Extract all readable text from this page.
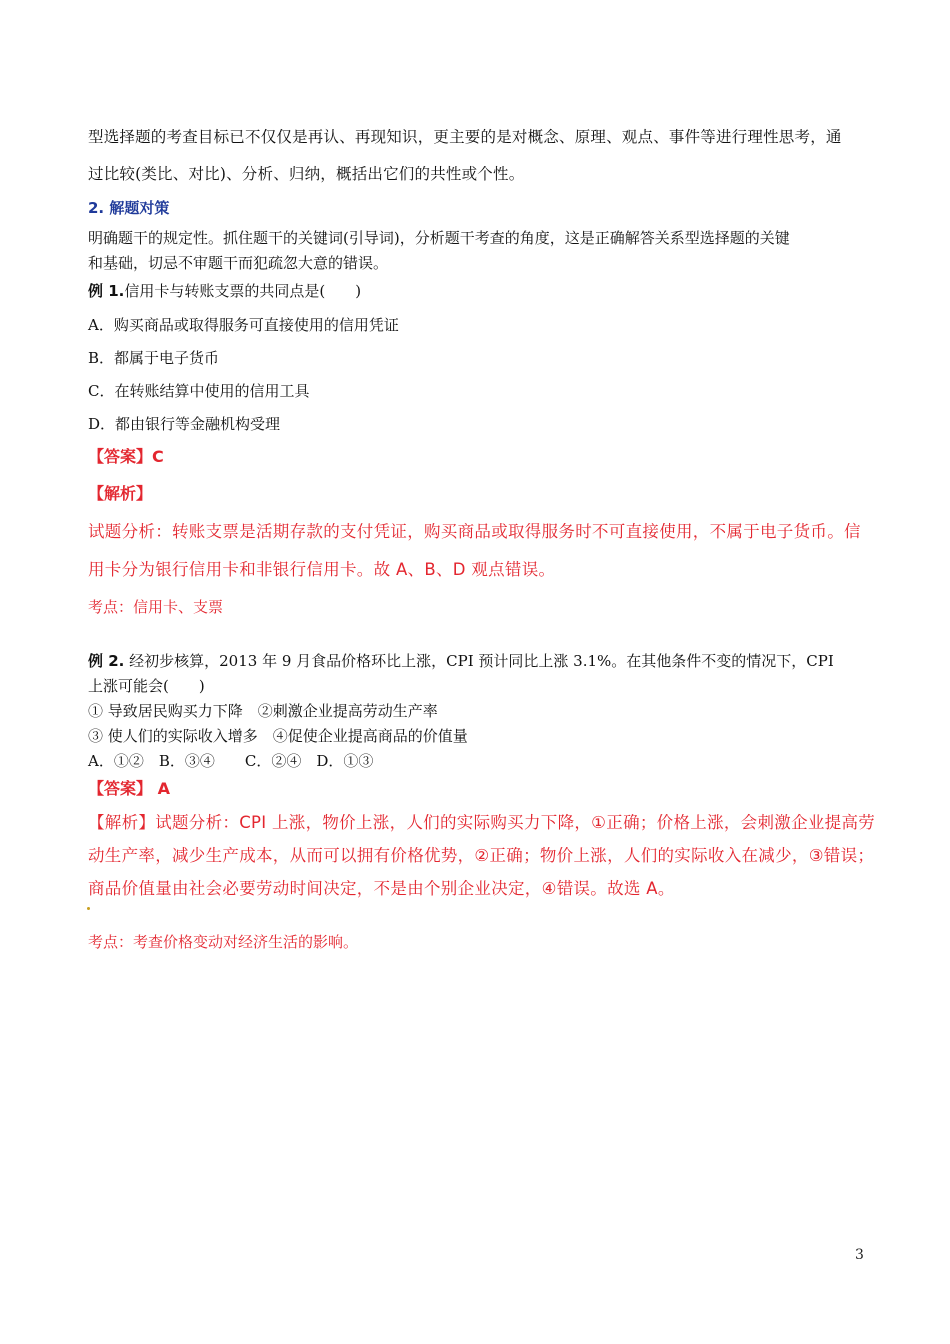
型选择题的考查目标已不仅仅是再认、再现知识，更主要的是对概念、原理、观点、事件等进行理性思考，通
过比较(类比、对比)、分析、归纳，概括出它们的共性或个性。
2. 解题对策
明确题干的规定性。抓住题干的关键词(引导词)，分析题干考查的角度，这是正确解答关系型选择题的关键
和基础，切忌不审题干而犯疏忽大意的错误。
例 1.信用卡与转账支票的共同点是(　　)
A．购买商品或取得服务可直接使用的信用凭证
B．都属于电子货币
C．在转账结算中使用的信用工具
D．都由银行等金融机构受理
【答案】C
【解析】
试题分析：转账支票是活期存款的支付凭证，购买商品或取得服务时不可直接使用，不属于电子货币。信
用卡分为银行信用卡和非银行信用卡。故 A、B、D 观点错误。
考点：信用卡、支票
例 2. 经初步核算，2013 年 9 月食品价格环比上涨，CPI 预计同比上涨 3.1%。在其他条件不变的情况下，CPI
上涨可能会(　　)
① 导致居民购买力下降　②刺激企业提高劳动生产率
③ 使人们的实际收入增多　④促使企业提高商品的价值量
A．①②　B．③④　　C．②④　D．①③
【答案】 A
【解析】试题分析：CPI 上涨，物价上涨，人们的实际购买力下降，①正确；价格上涨，会刺激企业提高劳
动生产率，减少生产成本，从而可以拥有价格优势，②正确；物价上涨，人们的实际收入在减少，③错误；
商品价值量由社会必要劳动时间决定，不是由个别企业决定，④错误。故选 A。
考点：考查价格变动对经济生活的影响。
3
